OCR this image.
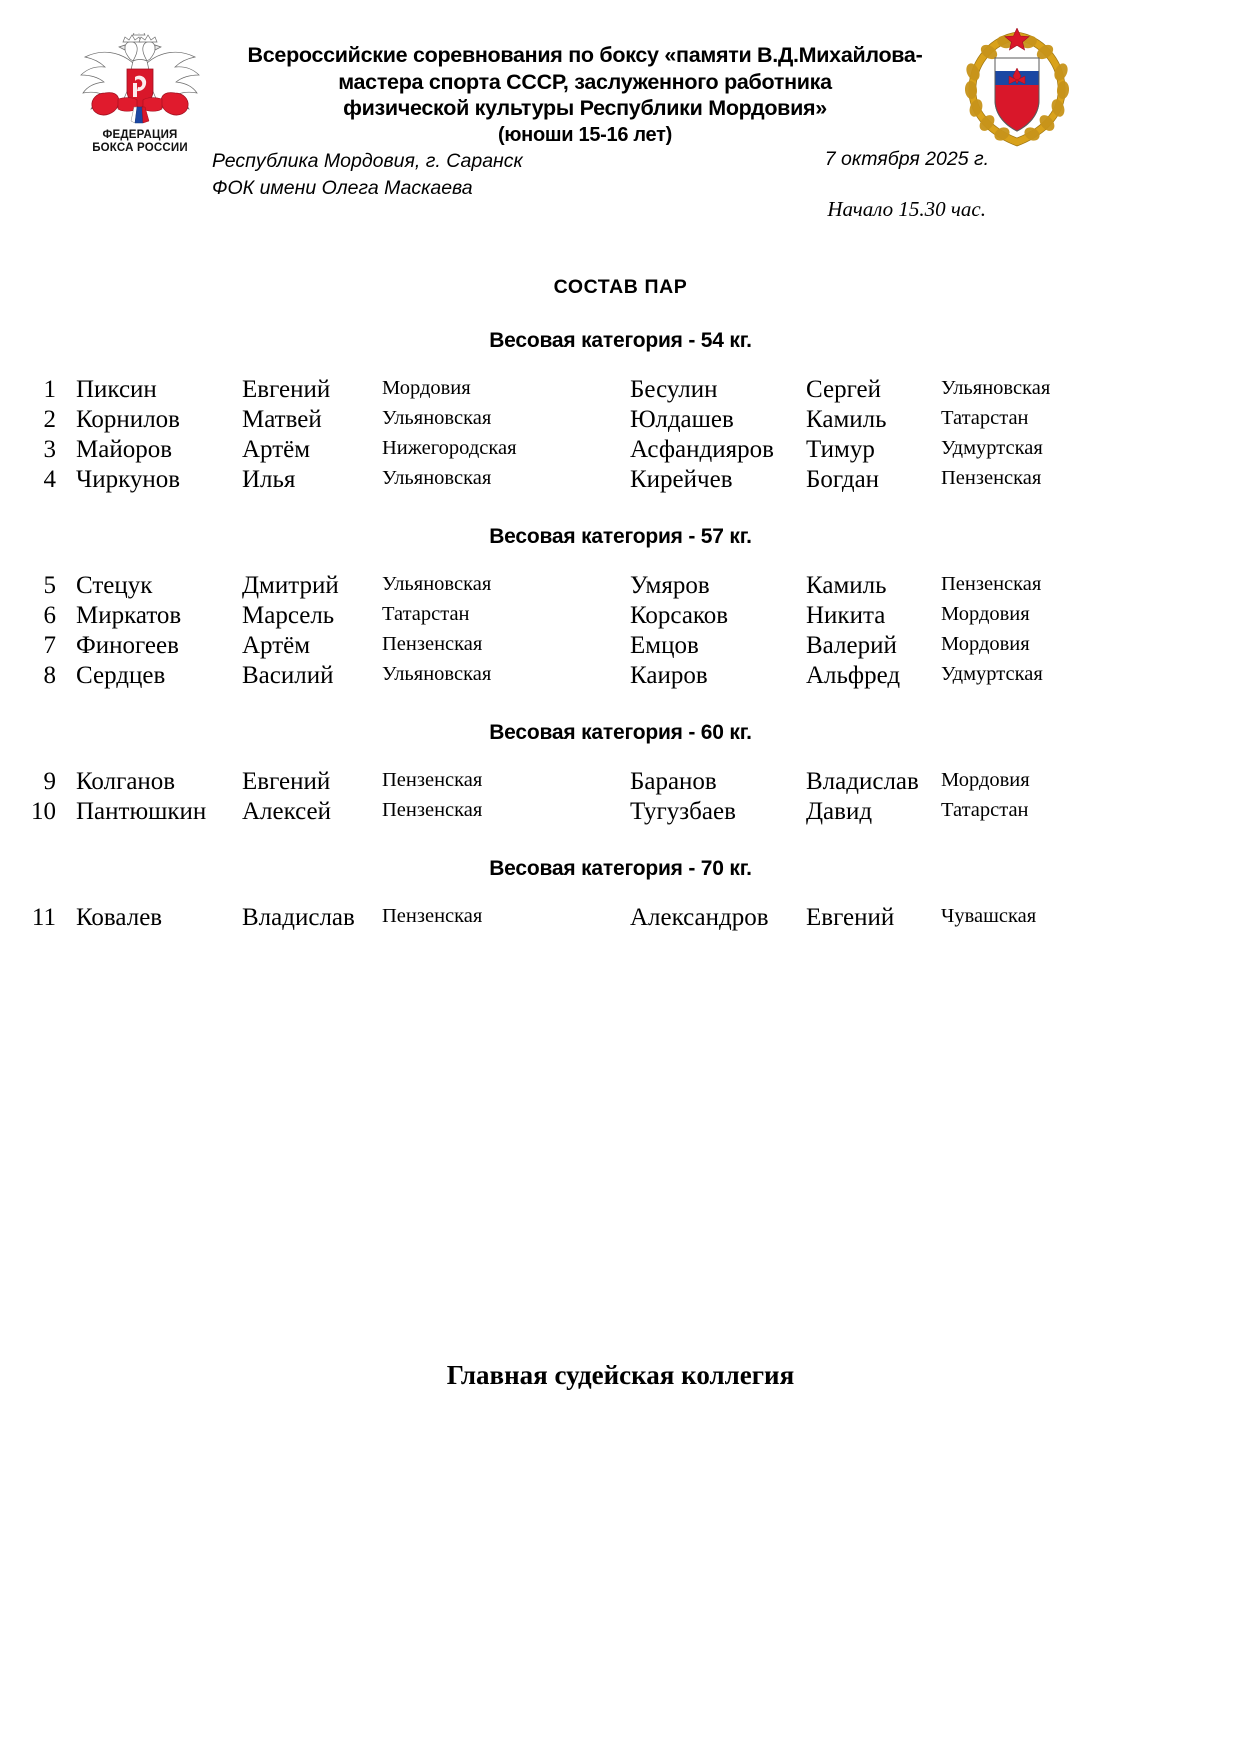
ФЕДЕРАЦИЯ
БОКСА РОССИИ
Всероссийские соревнования по боксу «памяти В.Д.Михайлова-
мастера спорта СССР, заслуженного работника
физической культуры Республики Мордовия»
(юноши 15-16 лет)
Республика Мордовия, г. Саранск
ФОК имени Олега Маскаева
7 октября 2025 г.
Начало 15.30 час.
СОСТАВ ПАР
Весовая категория - 54 кг.
1 Пиксин	Евгений	Мордовия	Бесулин	Сергей	Ульяновская
2 Корнилов	Матвей	Ульяновская	Юлдашев	Камиль	Татарстан
3 Майоров	Артём	Нижегородская	Асфандияров	Тимур	Удмуртская
4 Чиркунов	Илья	Ульяновская	Кирейчев	Богдан	Пензенская
Весовая категория - 57 кг.
5 Стецук	Дмитрий	Ульяновская	Умяров	Камиль	Пензенская
6 Миркатов	Марсель	Татарстан	Корсаков	Никита	Мордовия
7 Финогеев	Артём	Пензенская	Емцов	Валерий	Мордовия
8 Сердцев	Василий	Ульяновская	Каиров	Альфред	Удмуртская
Весовая категория - 60 кг.
9 Колганов	Евгений	Пензенская	Баранов	Владислав	Мордовия
10 Пантюшкин	Алексей	Пензенская	Тугузбаев	Давид	Татарстан
Весовая категория - 70 кг.
11 Ковалев	Владислав	Пензенская	Александров	Евгений	Чувашская
Главная судейская коллегия
